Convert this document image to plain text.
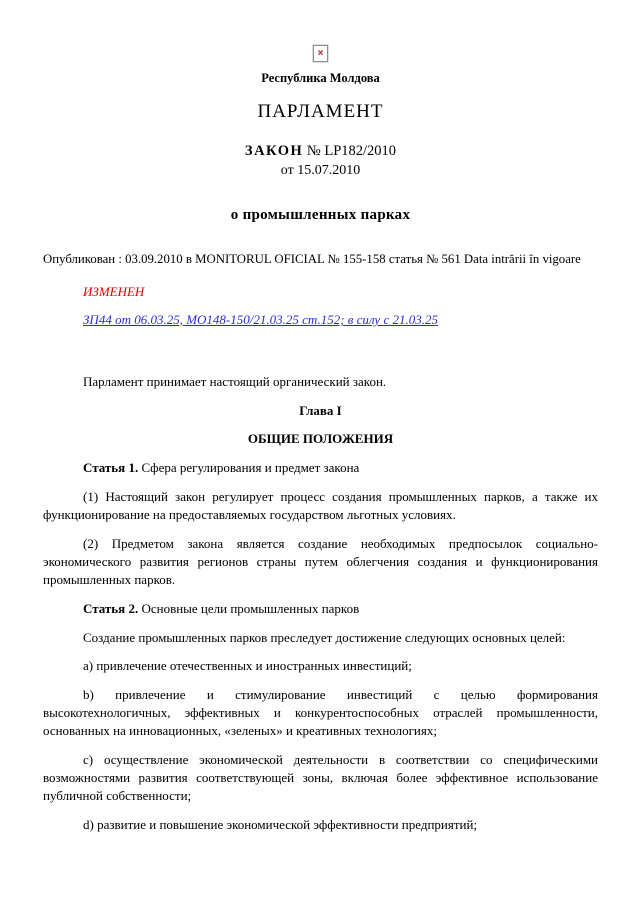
×
Республика Молдова
ПАРЛАМЕНТ
ЗАКОН № LP182/2010
от 15.07.2010
о промышленных парках
Опубликован : 03.09.2010 в MONITORUL OFICIAL № 155-158 статья № 561 Data intrării în vigoare
ИЗМЕНЕН
ЗП44 от 06.03.25, МО148-150/21.03.25 ст.152; в силу с 21.03.25

Парламент принимает настоящий органический закон.

Глава I

ОБЩИЕ ПОЛОЖЕНИЯ

Статья 1. Сфера регулирования и предмет закона

(1) Настоящий закон регулирует процесс создания промышленных парков, а также их функционирование на предоставляемых государством льготных условиях.

(2) Предметом закона является создание необходимых предпосылок социально-экономического развития регионов страны путем облегчения создания и функционирования промышленных парков.

Статья 2. Основные цели промышленных парков

Создание промышленных парков преследует достижение следующих основных целей:

a) привлечение отечественных и иностранных инвестиций;

b) привлечение и стимулирование инвестиций с целью формирования высокотехнологичных, эффективных и конкурентоспособных отраслей промышленности, основанных на инновационных, «зеленых» и креативных технологиях;

c) осуществление экономической деятельности в соответствии со специфическими возможностями развития соответствующей зоны, включая более эффективное использование публичной собственности;

d) развитие и повышение экономической эффективности предприятий;
